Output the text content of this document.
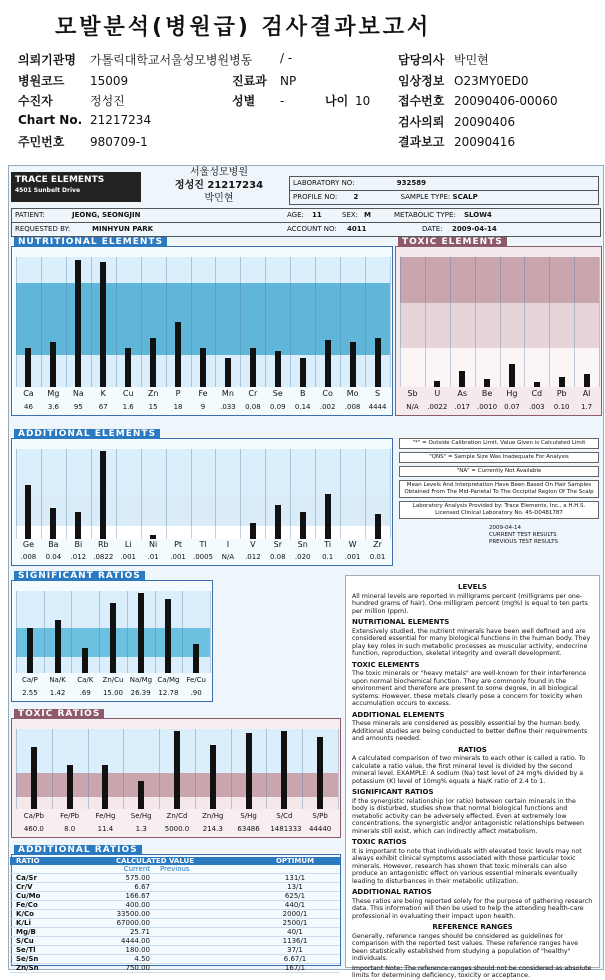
모발분석(병원급) 검사결과보고서
의뢰기관명 가톨릭대학교서울성모병원병동
병원코드 15009
수진자	정성진
Chart No. 21217234
주민번호 980709-1
/ -
진료과 NP
성별 -	나이 10
담당의사 박민현
임상정보 O23MY0ED0
접수번호 20090406-00060
검사의뢰 20090406
결과보고 20090416
TRACE ELEMENTS
4501 Sunbelt Drive
서울성모병원
정성진 21217234
박민현
LABORATORY NO:	932589
PROFILE NO: 2	SAMPLE TYPE: SCALP
PATIENT:	JEONG, SEONGJIN	AGE:	11	SEX: M	METABOLIC TYPE:	SLOW4
REQUESTED BY:	MINHYUN PARK	ACCOUNT NO:	4011	DATE:	2009-04-14
NUTRITIONAL ELEMENTS
Ca	Mg	Na	K	Cu	Zn	P	Fe	Mn	Cr	Se	B	Co	Mo	S
46	3.6	95	67	1.6	15	18	9	.033	0.08	0.09	0.14	.002	.008	4444
TOXIC ELEMENTS
Sb	U	As	Be	Hg	Cd	Pb	Al
N/A	.0022	.017	.0010	0.07	.003	0.10	1.7
ADDITIONAL ELEMENTS
Ge	Ba	Bi	Rb	Li	Ni	Pt	Tl	I	V	Sr	Sn	Ti	W	Zr
.008	0.04	.012	.0822	.001	.01	.001	.0005	N/A	.012	0.08	.020	0.1	.001	0.01
"*" = Outside Calibration Limit, Value Given is Calculated Limit
"QNS" = Sample Size Was Inadequate For Analysis
"NA" = Currently Not Available
Mean Levels And Interpretation Have Been Based On Hair Samples Obtained From The Mid-Parietal To The Occipital Region Of The Scalp
Laboratory Analysis Provided by: Trace Elements, Inc., a H.H.S. Licensed Clinical Laboratory No. 45-D0481787
2009-04-14
CURRENT TEST RESULTS
PREVIOUS TEST RESULTS
SIGNIFICANT RATIOS
Ca/P	Na/K	Ca/K	Zn/Cu Na/Mg Ca/Mg Fe/Cu
2.55	1.42	.69	15.00	26.39	12.78	.90
TOXIC RATIOS
Ca/Pb Fe/Pb Fe/Hg Se/Hg Zn/Cd Zn/Hg	S/Hg	S/Cd	S/Pb
460.0	8.0	11.4	1.3	5000.0	214.3	63486	1481333	44440
ADDITIONAL RATIOS
RATIO	CALCULATED VALUE	OPTIMUM
Current	Previous
Ca/Sr	575.00	131/1
Cr/V	6.67	13/1
Cu/Mo	166.67	625/1
Fe/Co	400.00	440/1
K/Co	33500.00	2000/1
K/Li	67000.00	2500/1
Mg/B	25.71	40/1
S/Cu	4444.00	1136/1
Se/Tl	180.00	37/1
Se/Sn	4.50	6.67/1
Zn/Sn	750.00	167/1
LEVELS

All mineral levels are reported in milligrams percent (milligrams per one-hundred grams of hair). One milligram percent (mg%) is equal to ten parts per million (ppm).

NUTRITIONAL ELEMENTS

Extensively studied, the nutrient minerals have been well defined and are considered essential for many biological functions in the human body. They play key roles in such metabolic processes as muscular activity, endocrine function, reproduction, skeletal integrity and overall development.

TOXIC ELEMENTS

The toxic minerals or "heavy metals" are well-known for their interference upon normal biochemical function. They are commonly found in the environment and therefore are present to some degree, in all biological systems. However, these metals clearly pose a concern for toxicity when accumulation occurs to excess.

ADDITIONAL ELEMENTS

These minerals are considered as possibly essential by the human body. Additional studies are being conducted to better define their requirements and amounts needed.

RATIOS

A calculated comparison of two minerals to each other is called a ratio. To calculate a ratio value, the first mineral level is divided by the second mineral level. EXAMPLE: A sodium (Na) test level of 24 mg% divided by a potassium (K) level of 10mg% equals a Na/K ratio of 2.4 to 1.

SIGNIFICANT RATIOS

If the synergistic relationship (or ratio) between certain minerals in the body is disturbed, studies show that normal biological functions and metabolic activity can be adversely effected. Even at extremely low concentrations, the synergistic and/or antagonistic relationships between minerals still exist, which can indirectly affect metabolism.

TOXIC RATIOS

It is important to note that individuals with elevated toxic levels may not always exhibit clinical symptoms associated with those particular toxic minerals. However, research has shown that toxic minerals can also produce an antagonistic effect on various essential minerals eventually leading to disturbances in their metabolic utilization.

ADDITIONAL RATIOS

These ratios are being reported solely for the purpose of gathering research data. This information will then be used to help the attending health-care professional in evaluating their impact upon health.

REFERENCE RANGES

Generally, reference ranges should be considered as guidelines for comparison with the reported test values. These reference ranges have been statistically established from studying a population of "healthy" individuals.

Important Note: The reference ranges should not be considered as absolute limits for determining deficiency, toxicity or acceptance.
